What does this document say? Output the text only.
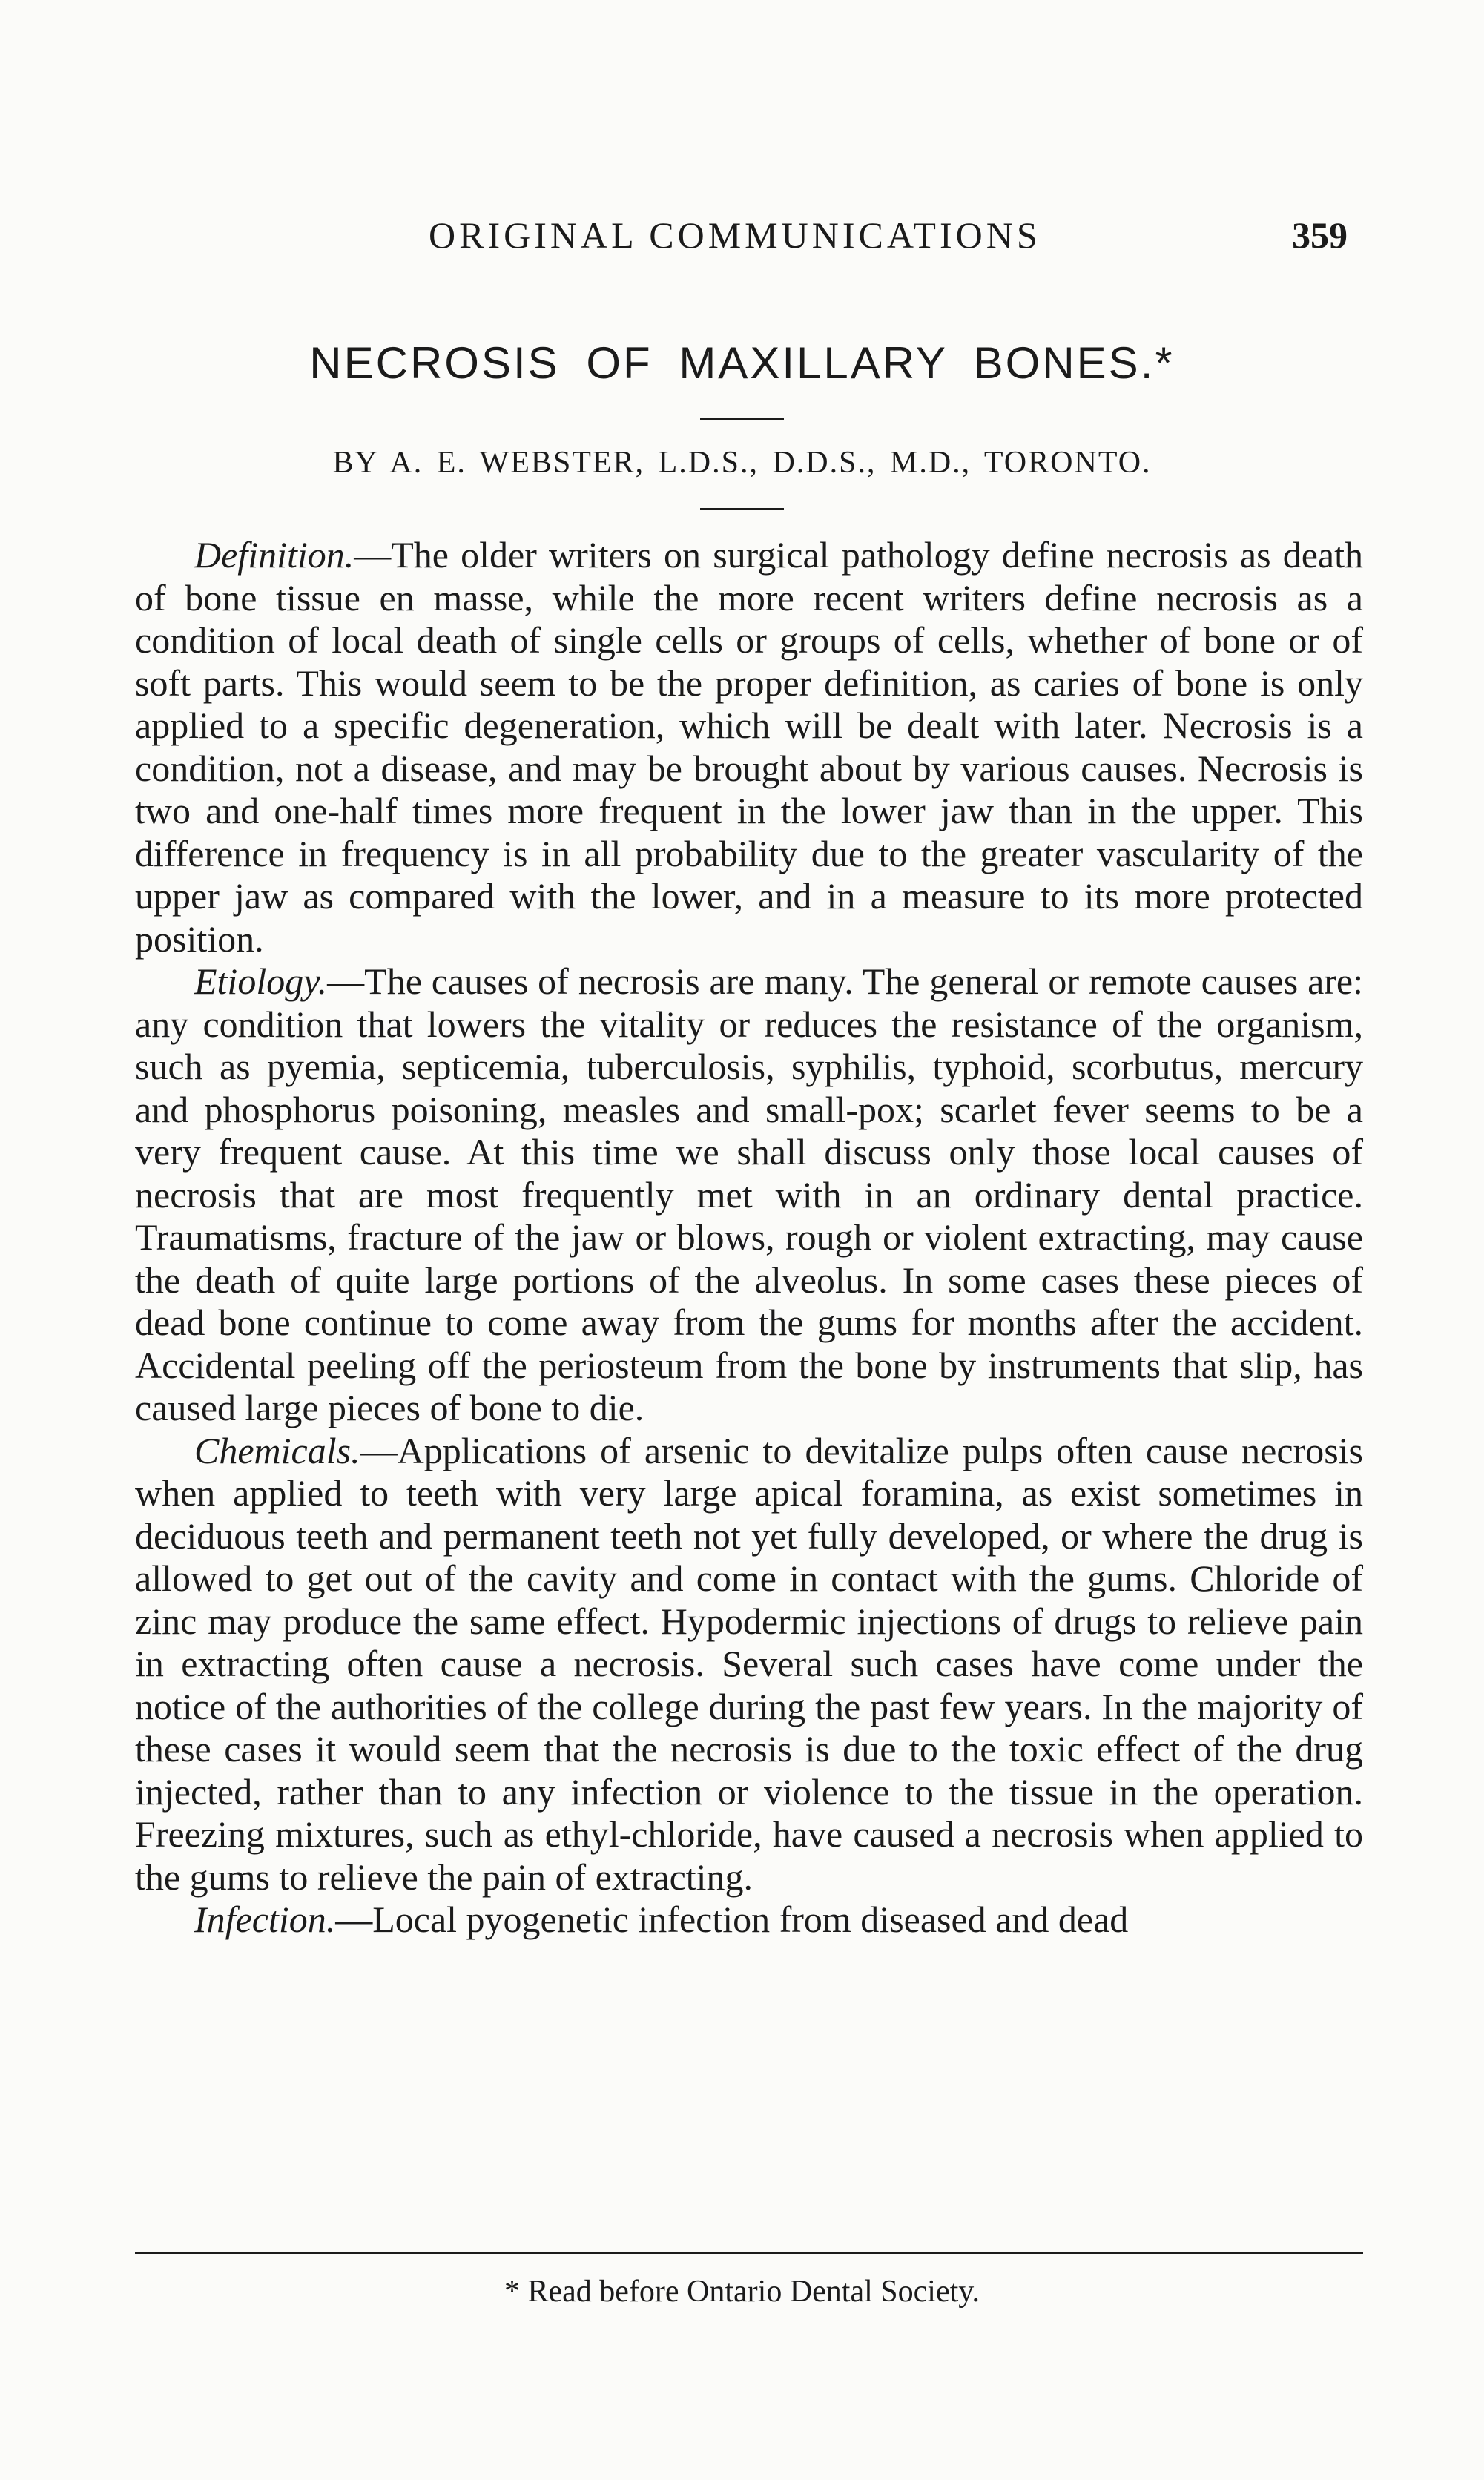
ORIGINAL COMMUNICATIONS	359
NECROSIS OF MAXILLARY BONES.*
BY A. E. WEBSTER, L.D.S., D.D.S., M.D., TORONTO.

Definition.—The older writers on surgical pathology define necrosis as death of bone tissue en masse, while the more recent writers define necrosis as a condition of local death of single cells or groups of cells, whether of bone or of soft parts. This would seem to be the proper definition, as caries of bone is only applied to a specific degeneration, which will be dealt with later. Necrosis is a condition, not a disease, and may be brought about by various causes. Necrosis is two and one-half times more frequent in the lower jaw than in the upper. This difference in frequency is in all probability due to the greater vascularity of the upper jaw as compared with the lower, and in a measure to its more protected position.

Etiology.—The causes of necrosis are many. The general or remote causes are: any condition that lowers the vitality or reduces the resistance of the organism, such as pyemia, septicemia, tuberculosis, syphilis, typhoid, scorbutus, mercury and phosphorus poisoning, measles and small-pox; scarlet fever seems to be a very frequent cause. At this time we shall discuss only those local causes of necrosis that are most frequently met with in an ordinary dental practice. Traumatisms, fracture of the jaw or blows, rough or violent extracting, may cause the death of quite large portions of the alveolus. In some cases these pieces of dead bone continue to come away from the gums for months after the accident. Accidental peeling off the periosteum from the bone by instruments that slip, has caused large pieces of bone to die.

Chemicals.—Applications of arsenic to devitalize pulps often cause necrosis when applied to teeth with very large apical foramina, as exist sometimes in deciduous teeth and permanent teeth not yet fully developed, or where the drug is allowed to get out of the cavity and come in contact with the gums. Chloride of zinc may produce the same effect. Hypodermic injections of drugs to relieve pain in extracting often cause a necrosis. Several such cases have come under the notice of the authorities of the college during the past few years. In the majority of these cases it would seem that the necrosis is due to the toxic effect of the drug injected, rather than to any infection or violence to the tissue in the operation. Freezing mixtures, such as ethyl-chloride, have caused a necrosis when applied to the gums to relieve the pain of extracting.

Infection.—Local pyogenetic infection from diseased and dead

* Read before Ontario Dental Society.
